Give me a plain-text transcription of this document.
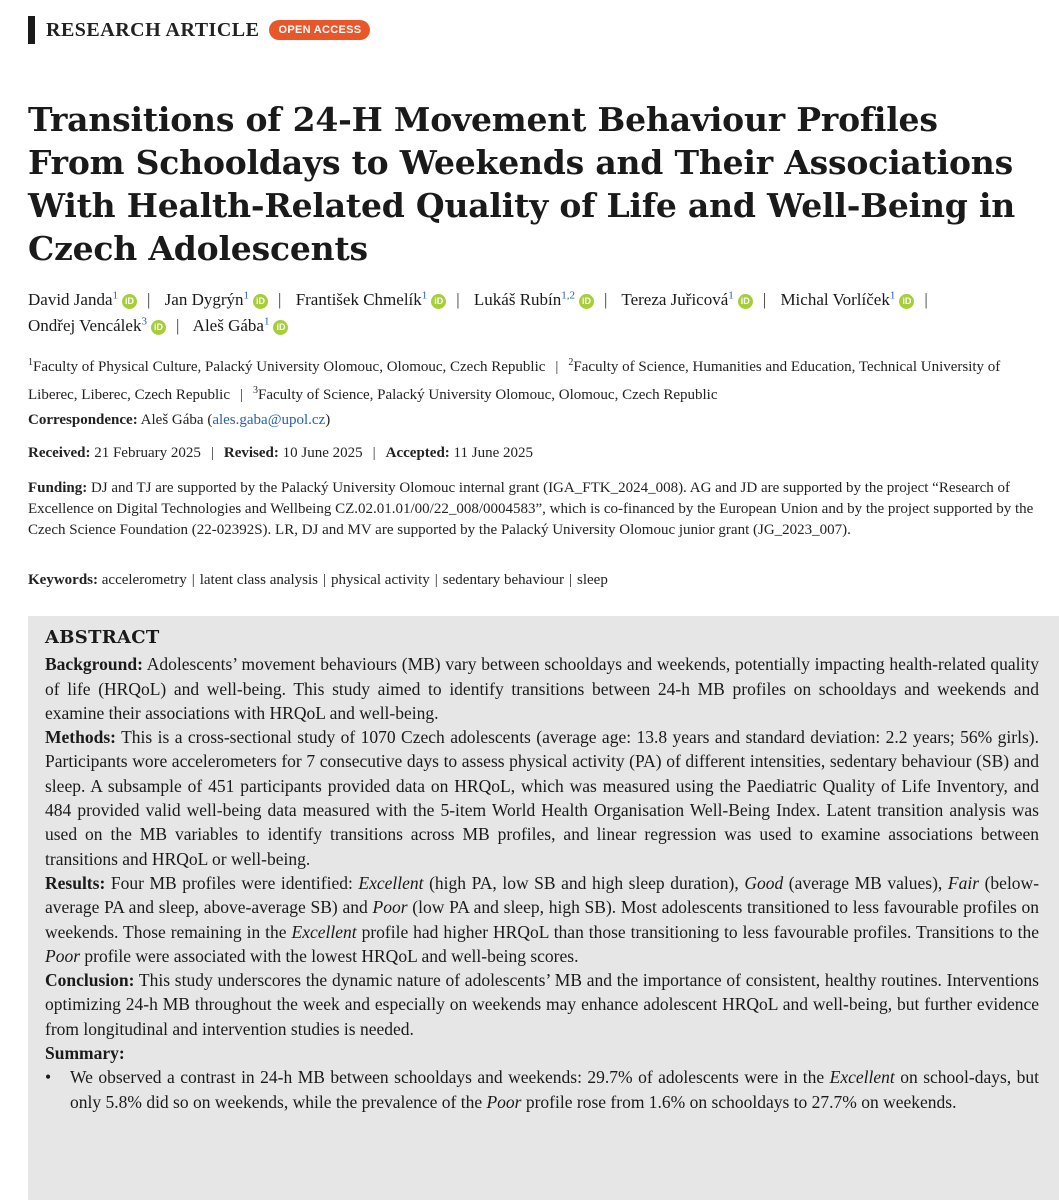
RESEARCH ARTICLE	OPEN ACCESS
Transitions of 24-H Movement Behaviour Profiles From Schooldays to Weekends and Their Associations With Health-Related Quality of Life and Well-Being in Czech Adolescents
David Janda$^1$ iD | Jan Dygrýn$^1$ iD | František Chmelík$^1$ iD | Lukáš Rubín$^{1,2}$ iD | Tereza Juřicová$^1$ iD | Michal Vorlíček$^1$ iD |
Ondřej Vencálek$^3$ iD | Aleš Gába$^1$ iD
$^1$Faculty of Physical Culture, Palacký University Olomouc, Olomouc, Czech Republic | $^2$Faculty of Science, Humanities and Education, Technical University of Liberec, Liberec, Czech Republic | $^3$Faculty of Science, Palacký University Olomouc, Olomouc, Czech Republic
Correspondence: Aleš Gába (ales.gaba@upol.cz)
Received: 21 February 2025 | Revised: 10 June 2025 | Accepted: 11 June 2025
Funding: DJ and TJ are supported by the Palacký University Olomouc internal grant (IGA_FTK_2024_008). AG and JD are supported by the project “Research of Excellence on Digital Technologies and Wellbeing CZ.02.01.01/00/22_008/0004583”, which is co-financed by the European Union and by the project supported by the Czech Science Foundation (22-02392S). LR, DJ and MV are supported by the Palacký University Olomouc junior grant (JG_2023_007).
Keywords: accelerometry | latent class analysis | physical activity | sedentary behaviour | sleep
ABSTRACT

Background: Adolescents’ movement behaviours (MB) vary between schooldays and weekends, potentially impacting health-related quality of life (HRQoL) and well-being. This study aimed to identify transitions between 24-h MB profiles on schooldays and weekends and examine their associations with HRQoL and well-being.

Methods: This is a cross-sectional study of 1070 Czech adolescents (average age: 13.8 years and standard deviation: 2.2 years; 56% girls). Participants wore accelerometers for 7 consecutive days to assess physical activity (PA) of different intensities, sedentary behaviour (SB) and sleep. A subsample of 451 participants provided data on HRQoL, which was measured using the Paediatric Quality of Life Inventory, and 484 provided valid well-being data measured with the 5-item World Health Organisation Well-Being Index. Latent transition analysis was used on the MB variables to identify transitions across MB profiles, and linear regression was used to examine associations between transitions and HRQoL or well-being.

Results: Four MB profiles were identified: Excellent (high PA, low SB and high sleep duration), Good (average MB values), Fair (below-average PA and sleep, above-average SB) and Poor (low PA and sleep, high SB). Most adolescents transitioned to less favourable profiles on weekends. Those remaining in the Excellent profile had higher HRQoL than those transitioning to less favourable profiles. Transitions to the Poor profile were associated with the lowest HRQoL and well-being scores.

Conclusion: This study underscores the dynamic nature of adolescents’ MB and the importance of consistent, healthy routines. Interventions optimizing 24-h MB throughout the week and especially on weekends may enhance adolescent HRQoL and well-being, but further evidence from longitudinal and intervention studies is needed.

Summary:
•	We observed a contrast in 24-h MB between schooldays and weekends: 29.7% of adolescents were in the Excellent on school-days, but only 5.8% did so on weekends, while the prevalence of the Poor profile rose from 1.6% on schooldays to 27.7% on weekends.
